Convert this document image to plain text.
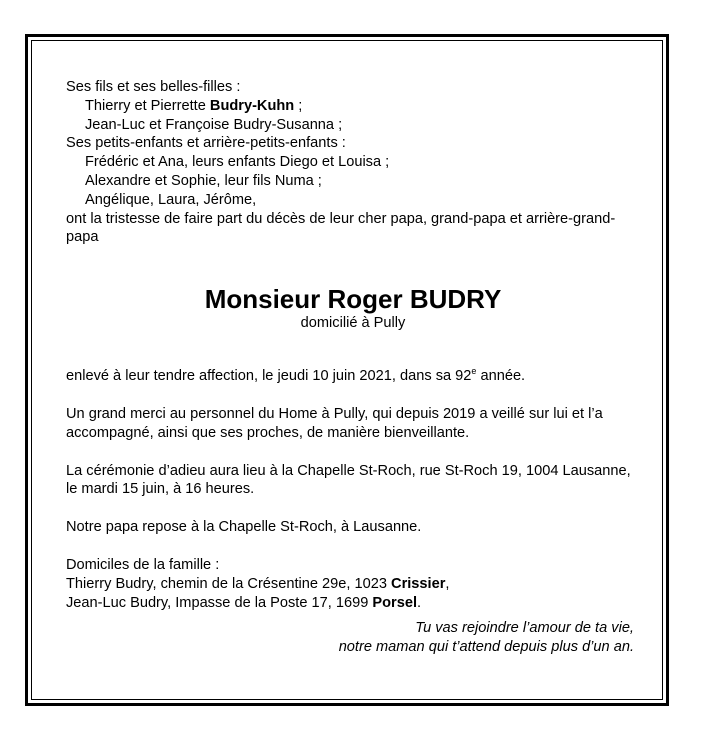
Ses fils et ses belles-filles :
Thierry et Pierrette Budry-Kuhn ;
Jean-Luc et Françoise Budry-Susanna ;
Ses petits-enfants et arrière-petits-enfants :
Frédéric et Ana, leurs enfants Diego et Louisa ;
Alexandre et Sophie, leur fils Numa ;
Angélique, Laura, Jérôme,
ont la tristesse de faire part du décès de leur cher papa, grand-papa et arrière-grand-papa
Monsieur Roger BUDRY
domicilié à Pully
enlevé à leur tendre affection, le jeudi 10 juin 2021, dans sa 92e année.
Un grand merci au personnel du Home à Pully, qui depuis 2019 a veillé sur lui et l’a accompagné, ainsi que ses proches, de manière bienveillante.
La cérémonie d’adieu aura lieu à la Chapelle St-Roch, rue St-Roch 19, 1004 Lausanne, le mardi 15 juin, à 16 heures.
Notre papa repose à la Chapelle St-Roch, à Lausanne.
Domiciles de la famille :
Thierry Budry, chemin de la Crésentine 29e, 1023 Crissier,
Jean-Luc Budry, Impasse de la Poste 17, 1699 Porsel.
Tu vas rejoindre l’amour de ta vie,
notre maman qui t’attend depuis plus d’un an.
